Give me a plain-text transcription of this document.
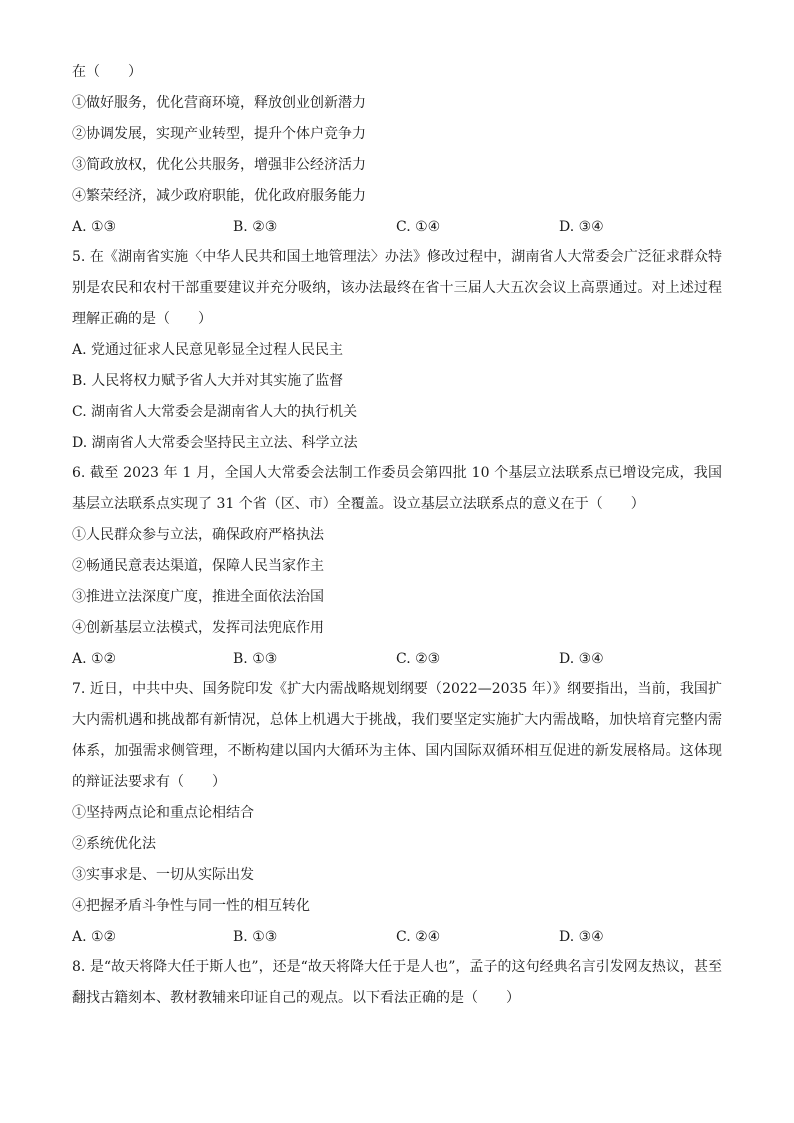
在（　　）
①做好服务，优化营商环境，释放创业创新潜力
②协调发展，实现产业转型，提升个体户竞争力
③简政放权，优化公共服务，增强非公经济活力
④繁荣经济，减少政府职能，优化政府服务能力
A. ①③	B. ②③	C. ①④	D. ③④
5. 在《湖南省实施〈中华人民共和国土地管理法〉办法》修改过程中，湖南省人大常委会广泛征求群众特别是农民和农村干部重要建议并充分吸纳，该办法最终在省十三届人大五次会议上高票通过。对上述过程理解正确的是（　　）
A. 党通过征求人民意见彰显全过程人民民主
B. 人民将权力赋予省人大并对其实施了监督
C. 湖南省人大常委会是湖南省人大的执行机关
D. 湖南省人大常委会坚持民主立法、科学立法
6. 截至 2023 年 1 月，全国人大常委会法制工作委员会第四批 10 个基层立法联系点已增设完成，我国基层立法联系点实现了 31 个省（区、市）全覆盖。设立基层立法联系点的意义在于（　　）
①人民群众参与立法，确保政府严格执法
②畅通民意表达渠道，保障人民当家作主
③推进立法深度广度，推进全面依法治国
④创新基层立法模式，发挥司法兜底作用
A. ①②	B. ①③	C. ②③	D. ③④
7. 近日，中共中央、国务院印发《扩大内需战略规划纲要（2022—2035 年）》纲要指出，当前，我国扩大内需机遇和挑战都有新情况，总体上机遇大于挑战，我们要坚定实施扩大内需战略，加快培育完整内需体系，加强需求侧管理，不断构建以国内大循环为主体、国内国际双循环相互促进的新发展格局。这体现的辩证法要求有（　　）
①坚持两点论和重点论相结合
②系统优化法
③实事求是、一切从实际出发
④把握矛盾斗争性与同一性的相互转化
A. ①②	B. ①③	C. ②④	D. ③④
8. 是“故天将降大任于斯人也”，还是“故天将降大任于是人也”，孟子的这句经典名言引发网友热议，甚至翻找古籍刻本、教材教辅来印证自己的观点。以下看法正确的是（　　）
